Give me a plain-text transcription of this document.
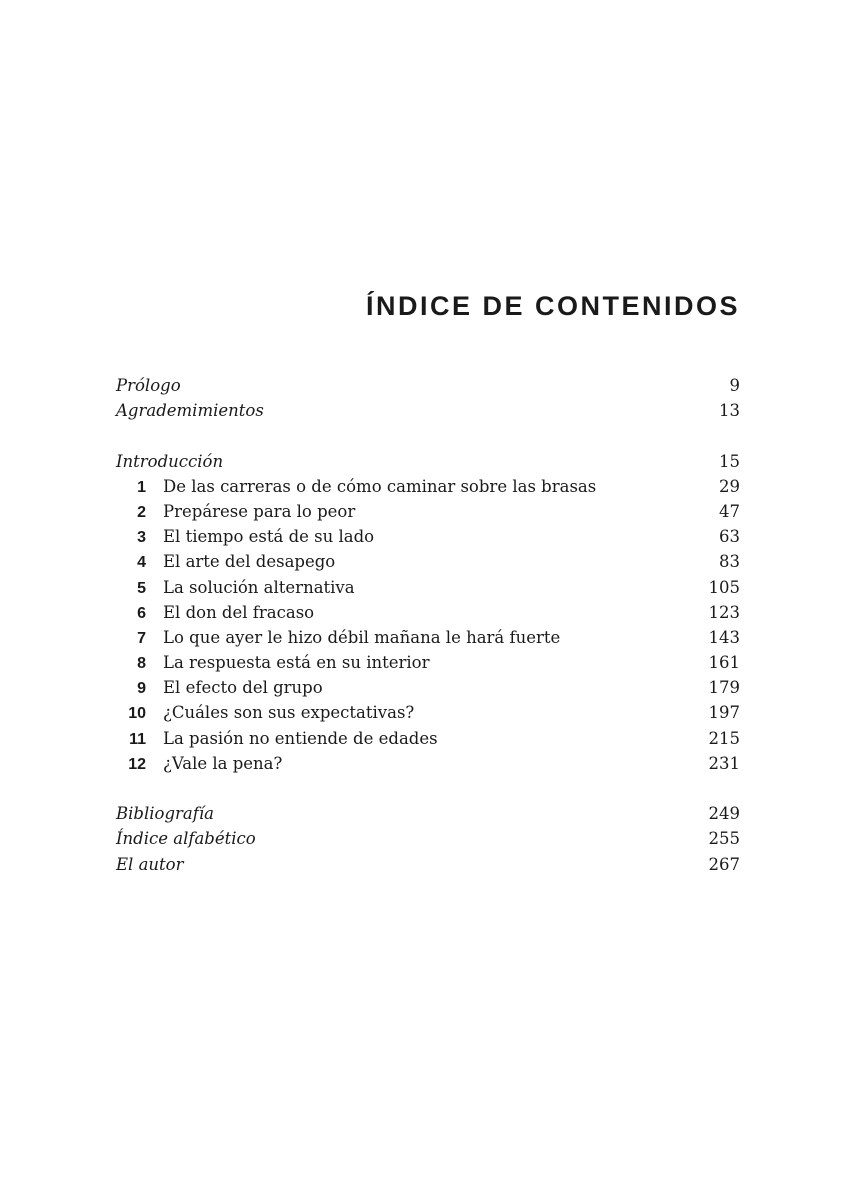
ÍNDICE DE CONTENIDOS
Prólogo	9
Agrademimientos	13
Introducción	15
1	De las carreras o de cómo caminar sobre las brasas	29
2	Prepárese para lo peor	47
3	El tiempo está de su lado	63
4	El arte del desapego	83
5	La solución alternativa	105
6	El don del fracaso	123
7	Lo que ayer le hizo débil mañana le hará fuerte	143
8	La respuesta está en su interior	161
9	El efecto del grupo	179
10	¿Cuáles son sus expectativas?	197
11	La pasión no entiende de edades	215
12	¿Vale la pena?	231
Bibliografía	249
Índice alfabético	255
El autor	267
